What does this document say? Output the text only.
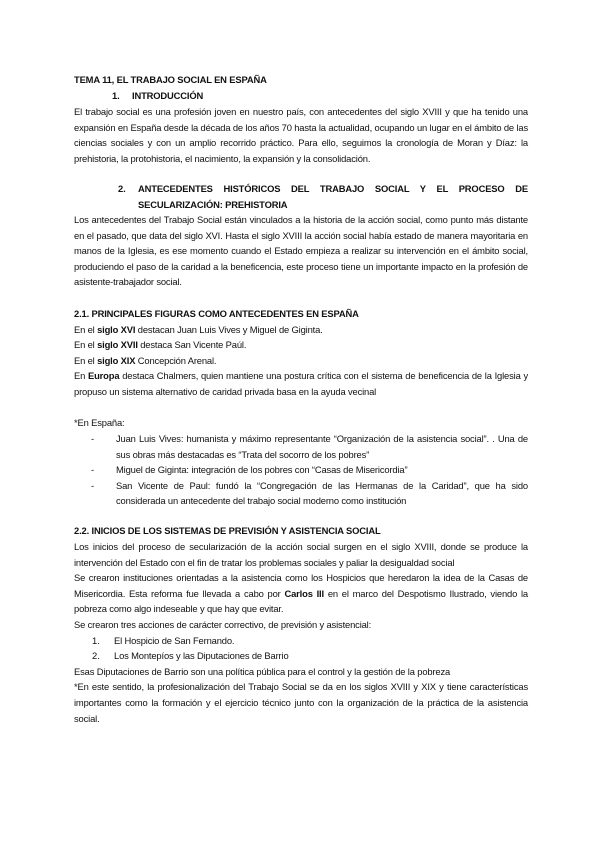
TEMA 11, EL TRABAJO SOCIAL EN ESPAÑA
1. INTRODUCCIÓN

El trabajo social es una profesión joven en nuestro país, con antecedentes del siglo XVIII y que ha tenido una expansión en España desde la década de los años 70 hasta la actualidad, ocupando un lugar en el ámbito de las ciencias sociales y con un amplio recorrido práctico. Para ello, seguimos la cronología de Moran y Díaz: la prehistoria, la protohistoria, el nacimiento, la expansión y la consolidación.

2.	ANTECEDENTES HISTÓRICOS DEL TRABAJO SOCIAL Y EL PROCESO DE SECULARIZACIÓN: PREHISTORIA

Los antecedentes del Trabajo Social están vinculados a la historia de la acción social, como punto más distante en el pasado, que data del siglo XVI. Hasta el siglo XVIII la acción social había estado de manera mayoritaria en manos de la Iglesia, es ese momento cuando el Estado empieza a realizar su intervención en el ámbito social, produciendo el paso de la caridad a la beneficencia, este proceso tiene un importante impacto en la profesión de asistente-trabajador social.

2.1. PRINCIPALES FIGURAS COMO ANTECEDENTES EN ESPAÑA
En el siglo XVI destacan Juan Luis Vives y Miguel de Giginta.
En el siglo XVII destaca San Vicente Paúl.
En el siglo XIX Concepción Arenal.

En Europa destaca Chalmers, quien mantiene una postura crítica con el sistema de beneficencia de la Iglesia y propuso un sistema alternativo de caridad privada basa en la ayuda vecinal

*En España:
- Juan Luis Vives: humanista y máximo representante “Organización de la asistencia social”. . Una de sus obras más destacadas es “Trata del socorro de los pobres”
- Miguel de Giginta: integración de los pobres con “Casas de Misericordia”
- San Vicente de Paul: fundó la “Congregación de las Hermanas de la Caridad”, que ha sido considerada un antecedente del trabajo social moderno como institución
2.2. INICIOS DE LOS SISTEMAS DE PREVISIÓN Y ASISTENCIA SOCIAL

Los inicios del proceso de secularización de la acción social surgen en el siglo XVIII, donde se produce la intervención del Estado con el fin de tratar los problemas sociales y paliar la desigualdad social

Se crearon instituciones orientadas a la asistencia como los Hospicios que heredaron la idea de la Casas de Misericordia. Esta reforma fue llevada a cabo por Carlos III en el marco del Despotismo Ilustrado, viendo la pobreza como algo indeseable y que hay que evitar.

Se crearon tres acciones de carácter correctivo, de previsión y asistencial:

1. El Hospicio de San Fernando.
2. Los Montepíos y las Diputaciones de Barrio

Esas Diputaciones de Barrio son una política pública para el control y la gestión de la pobreza

*En este sentido, la profesionalización del Trabajo Social se da en los siglos XVIII y XIX y tiene características importantes como la formación y el ejercicio técnico junto con la organización de la práctica de la asistencia social.
